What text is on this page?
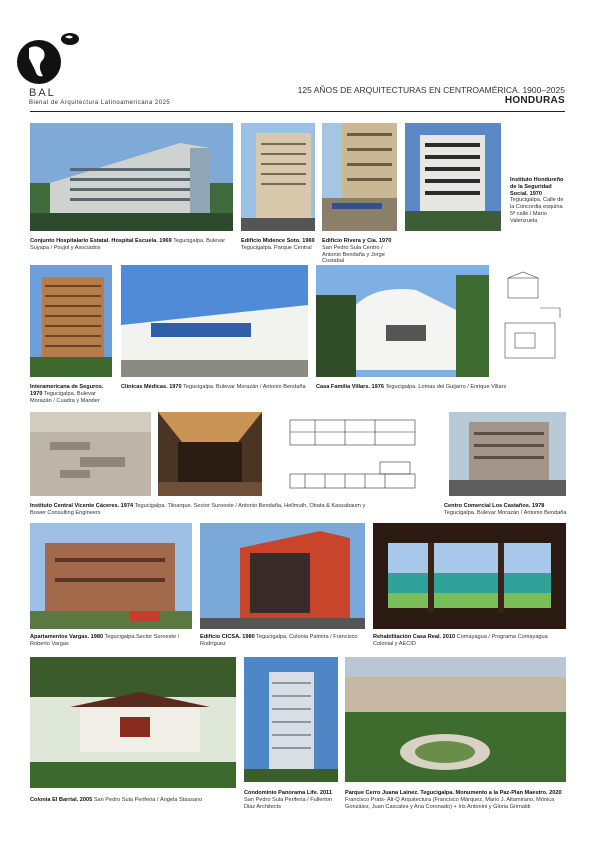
BAL
Bienal de Arquitectura Latinoamericana 2025
125 AÑOS DE ARQUITECTURAS EN CENTROAMÉRICA. 1900–2025
HONDURAS
Conjunto Hospitalario Estatal. Hospital Escuela. 1969 Tegucigalpa. Bulevar Suyapa / Poujol y Asociados
Edificio Midence Soto. 1969 Tegucigalpa. Parque Central
Edificio Rivera y Cía. 1970 San Pedro Sula Centro / Antonio Bendaña y Jorge Costabal
Instituto Hondureño de la Seguridad Social. 1970 Tegucigalpa. Calle de la Concordia esquina 5ª calle / Mario Valenzuela
Interamericana de Seguros. 1970 Tegucigalpa. Bulevar Morazán / Cuadra y Mander
Clínicas Médicas. 1970 Tegucigalpa. Bulevar Morazán / Antonio Bendaña Casa Familia Villars. 1976 Tegucigalpa. Lomas del Guijarro / Enrique Villars
Instituto Central Vicente Cáceres. 1974 Tegucigalpa. Tiloarque. Sector Suroeste / Antonio Bendaña, Hellmuth, Obata & Kassabaum y Bower Consulting Engineers
Centro Comercial Los Castaños. 1978 Tegucigalpa. Bulevar Morazán / Antonio Bendaña
Apartamentos Vargas. 1980 Tegucigalpa.Sector Suroeste / Roberto Vargas
Edificio CICSA. 1980 Tegucigalpa. Colonia Palmira / Francisco Rodríguez
Rehabilitación Casa Real. 2010 Comayagua / Programa Comayagua Colonial y AECID
Colonia El Barrial. 2005 San Pedro Sula Periferia / Ángela Stassano
Condominio Panorama Life. 2011 San Pedro Sula Periferia / Fullerton Diaz Architects
Parque Cerro Juana Lainez. Tegucigalpa. Monumento a la Paz-Plan Maestro. 2020 Francisco Prats- Alt-Q Arquitectura (Francisco Márquez, Mario J. Altamirano, Mónica González, Juan Cascales y Ana Coronado) + Iris Antonini y Gloria Grimaldi
